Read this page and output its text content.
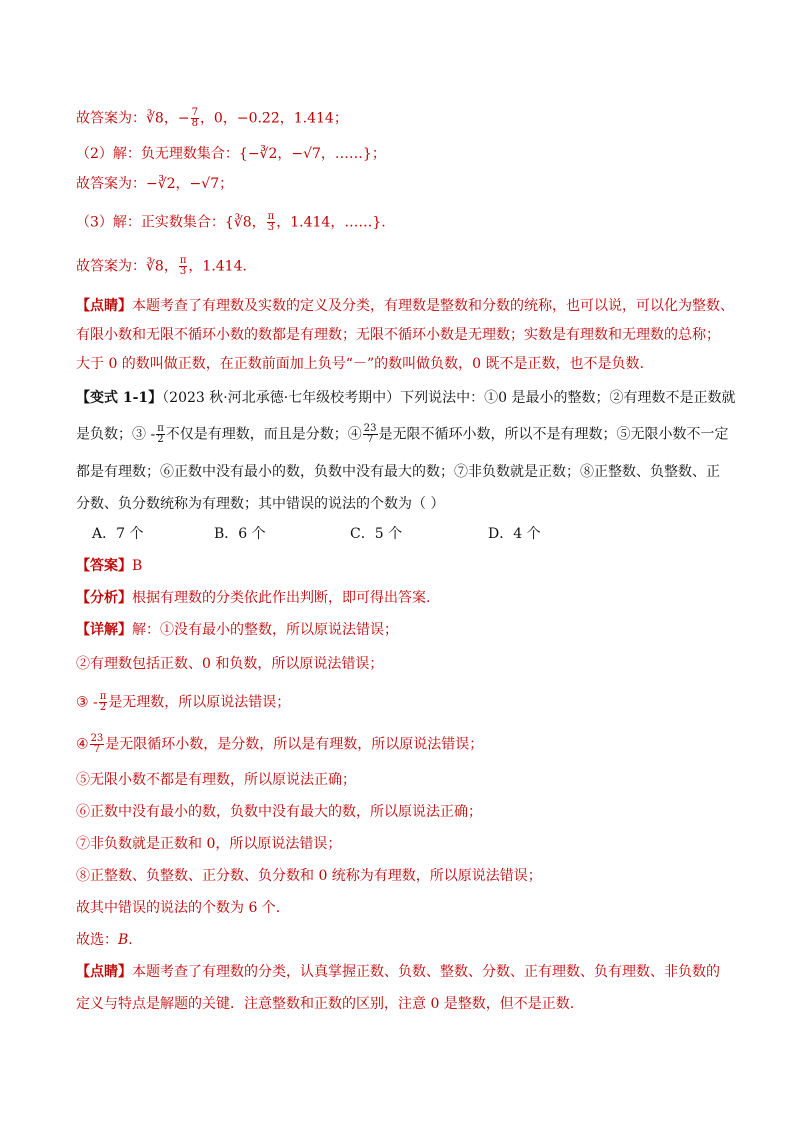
故答案为：∛8，− $\frac{7}{8}$ ，0，−0.2̇2̇，1.414；
（2）解：负无理数集合：{−∛2，−√7，……}；
故答案为：−∛2，−√7；
（3）解：正实数集合：{∛8， $\frac{\pi}{3}$ ，1.414，……}.
故答案为：∛8， $\frac{\pi}{3}$ ，1.414.
【点睛】本题考查了有理数及实数的定义及分类，有理数是整数和分数的统称，也可以说，可以化为整数、
有限小数和无限不循环小数的数都是有理数；无限不循环小数是无理数；实数是有理数和无理数的总称；
大于 0 的数叫做正数，在正数前面加上负号“－”的数叫做负数，0 既不是正数，也不是负数.
【变式 1-1】（2023 秋·河北承德·七年级校考期中）下列说法中：①0 是最小的整数；②有理数不是正数就
是负数；③ - $\frac{\pi}{2}$ 不仅是有理数，而且是分数；④ $\frac{23}{7}$ 是无限不循环小数，所以不是有理数；⑤无限小数不一定
都是有理数；⑥正数中没有最小的数，负数中没有最大的数；⑦非负数就是正数；⑧正整数、负整数、正
分数、负分数统称为有理数；其中错误的说法的个数为（ ）
A．7 个	B．6 个	C．5 个	D．4 个
【答案】B
【分析】根据有理数的分类依此作出判断，即可得出答案.
【详解】解：①没有最小的整数，所以原说法错误；
②有理数包括正数、0 和负数，所以原说法错误；
③ - $\frac{\pi}{2}$ 是无理数，所以原说法错误；
④ $\frac{23}{7}$ 是无限循环小数，是分数，所以是有理数，所以原说法错误；
⑤无限小数不都是有理数，所以原说法正确；
⑥正数中没有最小的数，负数中没有最大的数，所以原说法正确；
⑦非负数就是正数和 0，所以原说法错误；
⑧正整数、负整数、正分数、负分数和 0 统称为有理数，所以原说法错误；
故其中错误的说法的个数为 6 个.
故选：B.
【点睛】本题考查了有理数的分类，认真掌握正数、负数、整数、分数、正有理数、负有理数、非负数的
定义与特点是解题的关键．注意整数和正数的区别，注意 0 是整数，但不是正数.
